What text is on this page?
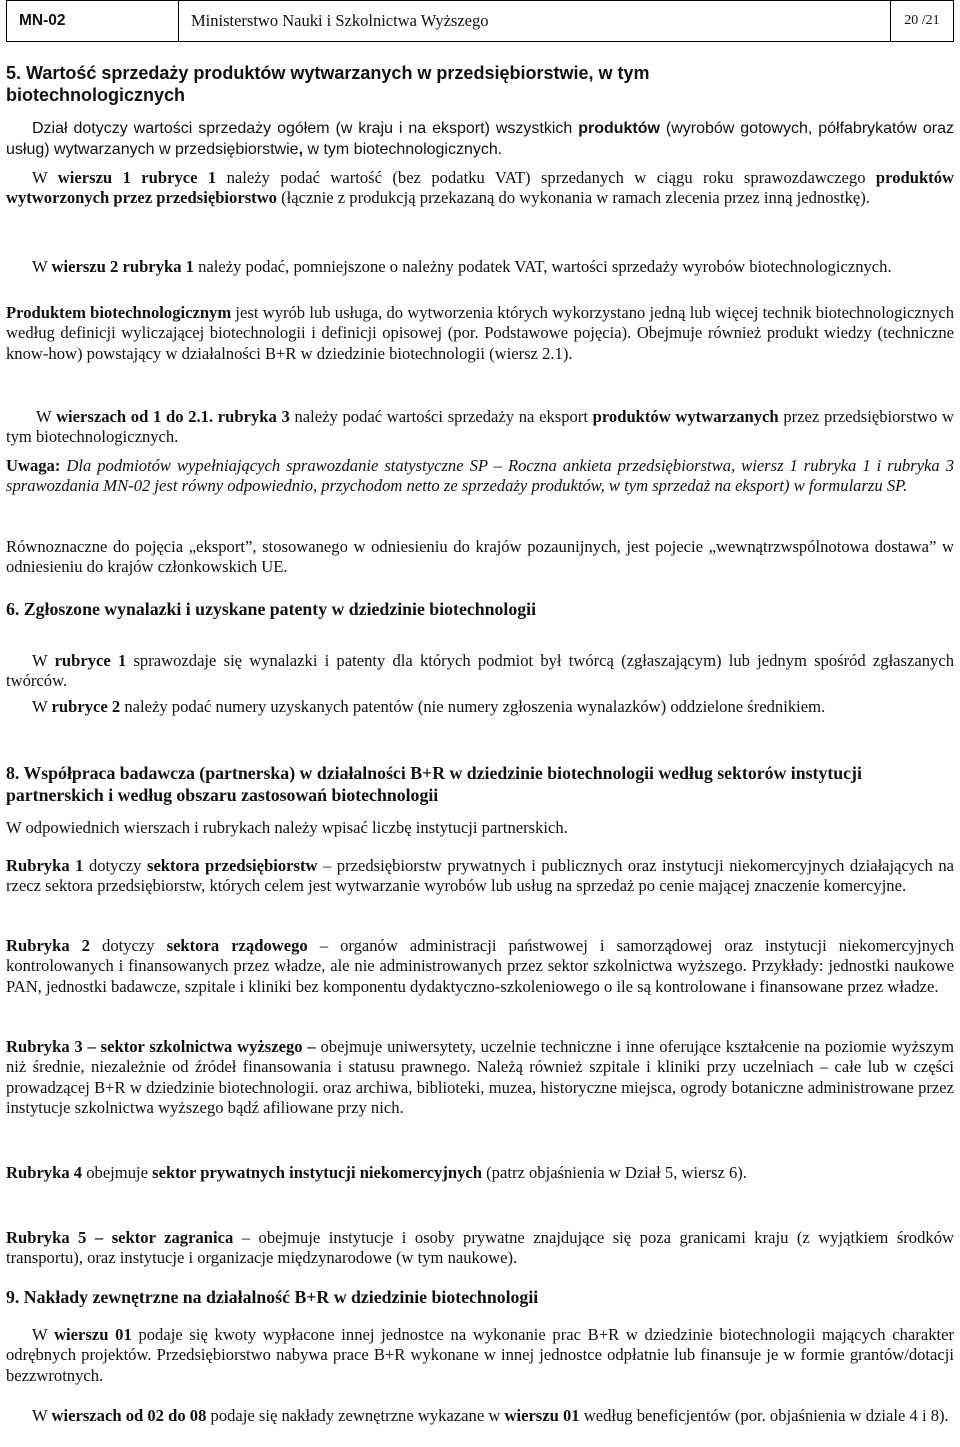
MN-02	Ministerstwo Nauki i Szkolnictwa Wyższego	20 /21
5. Wartość sprzedaży produktów wytwarzanych w przedsiębiorstwie, w tym
biotechnologicznych
Dział dotyczy wartości sprzedaży ogółem (w kraju i na eksport) wszystkich produktów (wyrobów gotowych, półfabrykatów oraz usług) wytwarzanych w przedsiębiorstwie, w tym biotechnologicznych.
W wierszu 1 rubryce 1 należy podać wartość (bez podatku VAT) sprzedanych w ciągu roku sprawozdawczego produktów wytworzonych przez przedsiębiorstwo (łącznie z produkcją przekazaną do wykonania w ramach zlecenia przez inną jednostkę).
W wierszu 2 rubryka 1 należy podać, pomniejszone o należny podatek VAT, wartości sprzedaży wyrobów biotechnologicznych.
Produktem biotechnologicznym jest wyrób lub usługa, do wytworzenia których wykorzystano jedną lub więcej technik biotechnologicznych według definicji wyliczającej biotechnologii i definicji opisowej (por. Podstawowe pojęcia). Obejmuje również produkt wiedzy (techniczne know-how) powstający w działalności B+R w dziedzinie biotechnologii (wiersz 2.1).
W wierszach od 1 do 2.1. rubryka 3 należy podać wartości sprzedaży na eksport produktów wytwarzanych przez przedsiębiorstwo w tym biotechnologicznych.
Uwaga: Dla podmiotów wypełniających sprawozdanie statystyczne SP – Roczna ankieta przedsiębiorstwa, wiersz 1 rubryka 1 i rubryka 3 sprawozdania MN-02 jest równy odpowiednio, przychodom netto ze sprzedaży produktów, w tym sprzedaż na eksport) w formularzu SP.
Równoznaczne do pojęcia „eksport”, stosowanego w odniesieniu do krajów pozaunijnych, jest pojecie „wewnątrzwspólnotowa dostawa” w odniesieniu do krajów członkowskich UE.
6. Zgłoszone wynalazki i uzyskane patenty w dziedzinie biotechnologii
W rubryce 1 sprawozdaje się wynalazki i patenty dla których podmiot był twórcą (zgłaszającym) lub jednym spośród zgłaszanych twórców.
W rubryce 2 należy podać numery uzyskanych patentów (nie numery zgłoszenia wynalazków) oddzielone średnikiem.
8. Współpraca badawcza (partnerska) w działalności B+R w dziedzinie biotechnologii według sektorów instytucji partnerskich i według obszaru zastosowań biotechnologii
W odpowiednich wierszach i rubrykach należy wpisać liczbę instytucji partnerskich.
Rubryka 1 dotyczy sektora przedsiębiorstw – przedsiębiorstw prywatnych i publicznych oraz instytucji niekomercyjnych działających na rzecz sektora przedsiębiorstw, których celem jest wytwarzanie wyrobów lub usług na sprzedaż po cenie mającej znaczenie komercyjne.
Rubryka 2 dotyczy sektora rządowego – organów administracji państwowej i samorządowej oraz instytucji niekomercyjnych kontrolowanych i finansowanych przez władze, ale nie administrowanych przez sektor szkolnictwa wyższego. Przykłady: jednostki naukowe PAN, jednostki badawcze, szpitale i kliniki bez komponentu dydaktyczno-szkoleniowego o ile są kontrolowane i finansowane przez władze.
Rubryka 3 – sektor szkolnictwa wyższego – obejmuje uniwersytety, uczelnie techniczne i inne oferujące kształcenie na poziomie wyższym niż średnie, niezależnie od źródeł finansowania i statusu prawnego. Należą również szpitale i kliniki przy uczelniach – całe lub w części prowadzącej B+R w dziedzinie biotechnologii. oraz archiwa, biblioteki, muzea, historyczne miejsca, ogrody botaniczne administrowane przez instytucje szkolnictwa wyższego bądź afiliowane przy nich.
Rubryka 4 obejmuje sektor prywatnych instytucji niekomercyjnych (patrz objaśnienia w Dział 5, wiersz 6).
Rubryka 5 – sektor zagranica – obejmuje instytucje i osoby prywatne znajdujące się poza granicami kraju (z wyjątkiem środków transportu), oraz instytucje i organizacje międzynarodowe (w tym naukowe).
9. Nakłady zewnętrzne na działalność B+R w dziedzinie biotechnologii
W wierszu 01 podaje się kwoty wypłacone innej jednostce na wykonanie prac B+R w dziedzinie biotechnologii mających charakter odrębnych projektów. Przedsiębiorstwo nabywa prace B+R wykonane w innej jednostce odpłatnie lub finansuje je w formie grantów/dotacji bezzwrotnych.
W wierszach od 02 do 08 podaje się nakłady zewnętrzne wykazane w wierszu 01 według beneficjentów (por. objaśnienia w dziale 4 i 8).
